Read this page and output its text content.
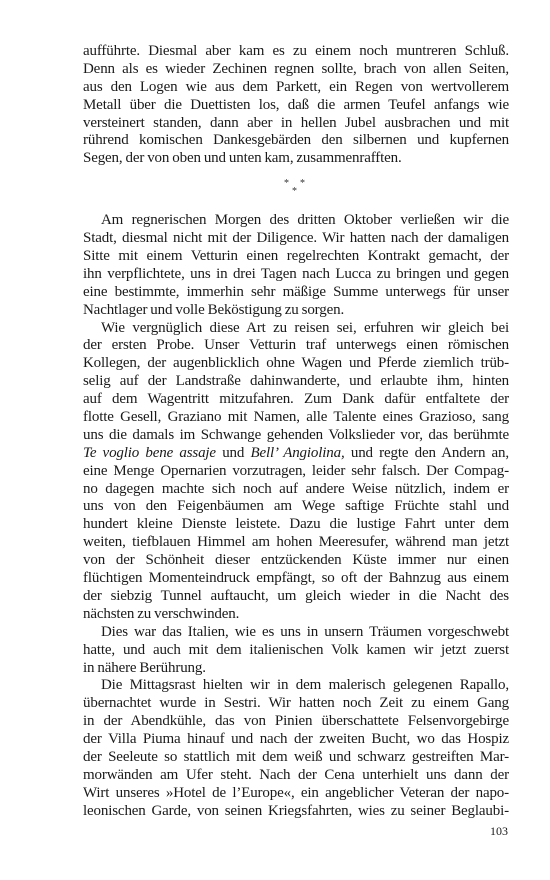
aufführte. Diesmal aber kam es zu einem noch muntreren Schluß.
Denn als es wieder Zechinen regnen sollte, brach von allen Seiten,
aus den Logen wie aus dem Parkett, ein Regen von wertvollerem
Metall über die Duettisten los, daß die armen Teufel anfangs wie
versteinert standen, dann aber in hellen Jubel ausbrachen und mit
rührend komischen Dankesgebärden den silbernen und kupfernen
Segen, der von oben und unten kam, zusammenrafften.
* *
*
Am regnerischen Morgen des dritten Oktober verließen wir die
Stadt, diesmal nicht mit der Diligence. Wir hatten nach der damaligen
Sitte mit einem Vetturin einen regelrechten Kontrakt gemacht, der
ihn verpflichtete, uns in drei Tagen nach Lucca zu bringen und gegen
eine bestimmte, immerhin sehr mäßige Summe unterwegs für unser
Nachtlager und volle Beköstigung zu sorgen.
Wie vergnüglich diese Art zu reisen sei, erfuhren wir gleich bei
der ersten Probe. Unser Vetturin traf unterwegs einen römischen
Kollegen, der augenblicklich ohne Wagen und Pferde ziemlich trüb-
selig auf der Landstraße dahinwanderte, und erlaubte ihm, hinten
auf dem Wagentritt mitzufahren. Zum Dank dafür entfaltete der
flotte Gesell, Graziano mit Namen, alle Talente eines Grazioso, sang
uns die damals im Schwange gehenden Volkslieder vor, das berühmte
Te voglio bene assaje und Bell’ Angiolina, und regte den Andern an,
eine Menge Opernarien vorzutragen, leider sehr falsch. Der Compag-
no dagegen machte sich noch auf andere Weise nützlich, indem er
uns von den Feigenbäumen am Wege saftige Früchte stahl und
hundert kleine Dienste leistete. Dazu die lustige Fahrt unter dem
weiten, tiefblauen Himmel am hohen Meeresufer, während man jetzt
von der Schönheit dieser entzückenden Küste immer nur einen
flüchtigen Momenteindruck empfängt, so oft der Bahnzug aus einem
der siebzig Tunnel auftaucht, um gleich wieder in die Nacht des
nächsten zu verschwinden.
Dies war das Italien, wie es uns in unsern Träumen vorgeschwebt
hatte, und auch mit dem italienischen Volk kamen wir jetzt zuerst
in nähere Berührung.
Die Mittagsrast hielten wir in dem malerisch gelegenen Rapallo,
übernachtet wurde in Sestri. Wir hatten noch Zeit zu einem Gang
in der Abendkühle, das von Pinien überschattete Felsenvorgebirge
der Villa Piuma hinauf und nach der zweiten Bucht, wo das Hospiz
der Seeleute so stattlich mit dem weiß und schwarz gestreiften Mar-
morwänden am Ufer steht. Nach der Cena unterhielt uns dann der
Wirt unseres »Hotel de l’Europe«, ein angeblicher Veteran der napo-
leonischen Garde, von seinen Kriegsfahrten, wies zu seiner Beglaubi-
103
